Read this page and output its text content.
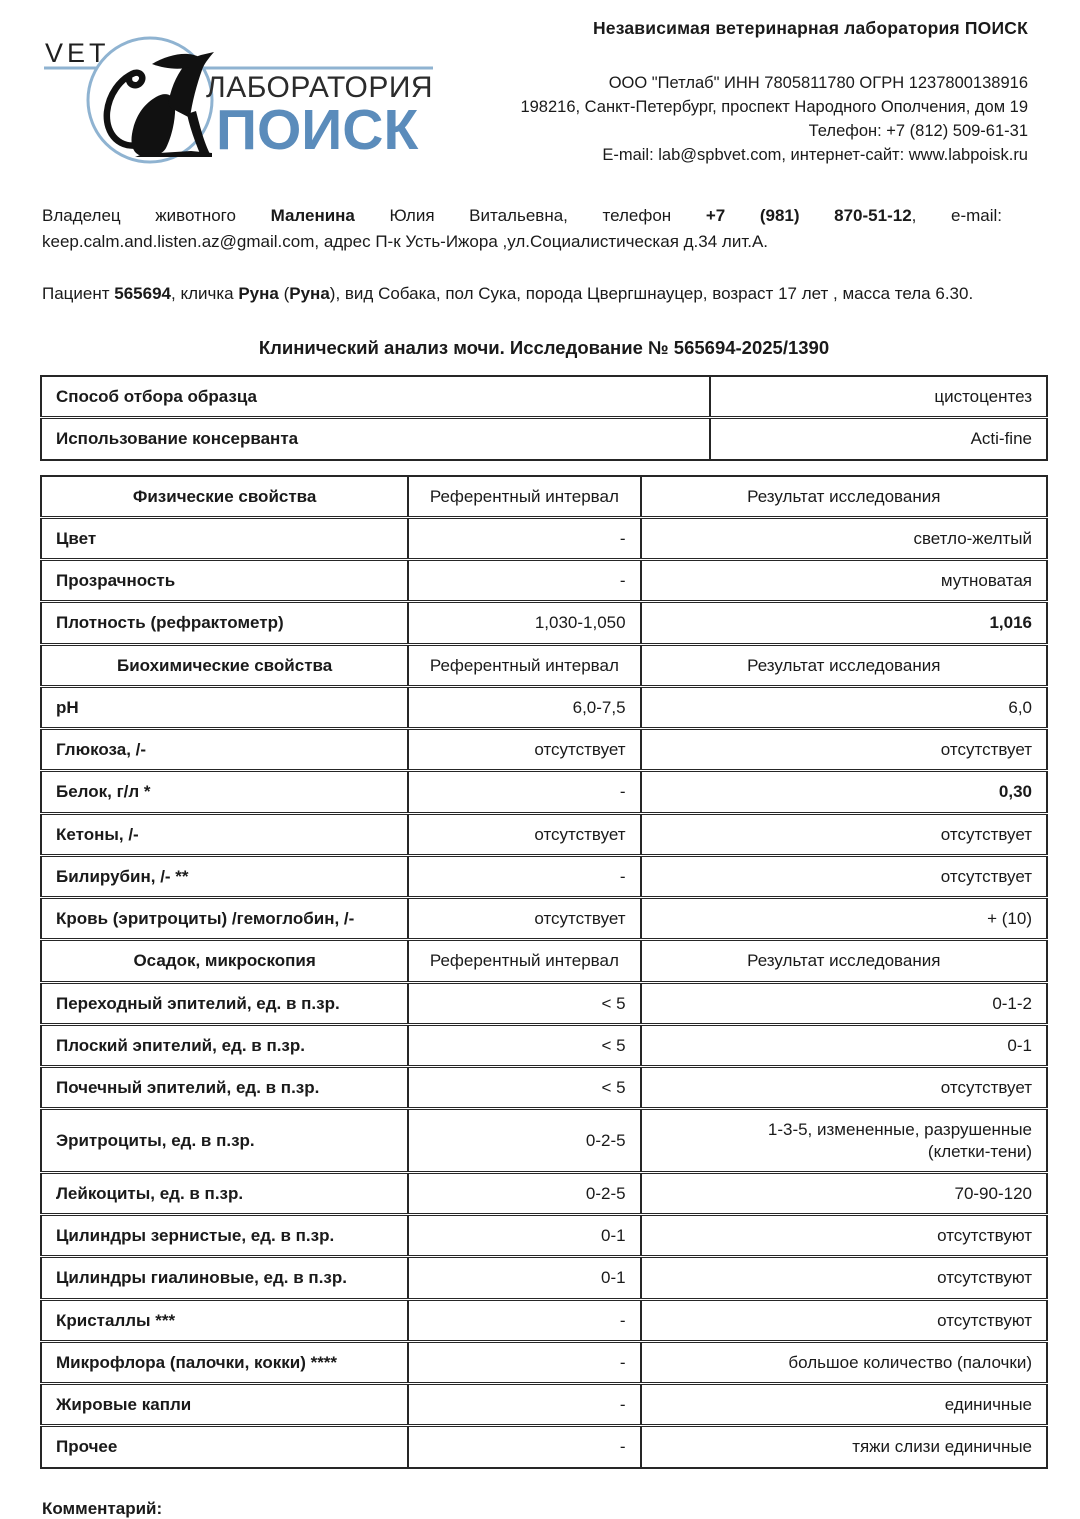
VET
ЛАБОРАТОРИЯ
ПОИСК
Независимая ветеринарная лаборатория ПОИСК
ООО "Петлаб" ИНН 7805811780 ОГРН 1237800138916
198216, Санкт-Петербург, проспект Народного Ополчения, дом 19
Телефон: +7 (812) 509-61-31
E-mail: lab@spbvet.com, интернет-сайт: www.labpoisk.ru

Владелец животного Маленина Юлия Витальевна, телефон +7 (981) 870-51-12, e-mail: keep.calm.and.listen.az@gmail.com, адрес П-к Усть-Ижора ,ул.Социалистическая д.34 лит.А.

Пациент 565694, кличка Руна (Руна), вид Собака, пол Сука, порода Цвергшнауцер, возраст 17 лет , масса тела 6.30.

Клинический анализ мочи. Исследование № 565694-2025/1390
Способ отбора образца	цистоцентез
Использование консерванта	Acti-fine
Физические свойства	Референтный интервал	Результат исследования
Цвет	-	светло-желтый
Прозрачность	-	мутноватая
Плотность (рефрактометр)	1,030-1,050	1,016
Биохимические свойства	Референтный интервал	Результат исследования
pH	6,0-7,5	6,0
Глюкоза, /-	отсутствует	отсутствует
Белок, г/л *	-	0,30
Кетоны, /-	отсутствует	отсутствует
Билирубин, /- **	-	отсутствует
Кровь (эритроциты) /гемоглобин, /-	отсутствует	+ (10)
Осадок, микроскопия	Референтный интервал	Результат исследования
Переходный эпителий, ед. в п.зр.	< 5	0-1-2
Плоский эпителий, ед. в п.зр.	< 5	0-1
Почечный эпителий, ед. в п.зр.	< 5	отсутствует
Эритроциты, ед. в п.зр.	0-2-5	1-3-5, измененные, разрушенные (клетки-тени)
Лейкоциты, ед. в п.зр.	0-2-5	70-90-120
Цилиндры зернистые, ед. в п.зр.	0-1	отсутствуют
Цилиндры гиалиновые, ед. в п.зр.	0-1	отсутствуют
Кристаллы ***	-	отсутствуют
Микрофлора (палочки, кокки) ****	-	большое количество (палочки)
Жировые капли	-	единичные
Прочее	-	тяжи слизи единичные
Комментарий:
